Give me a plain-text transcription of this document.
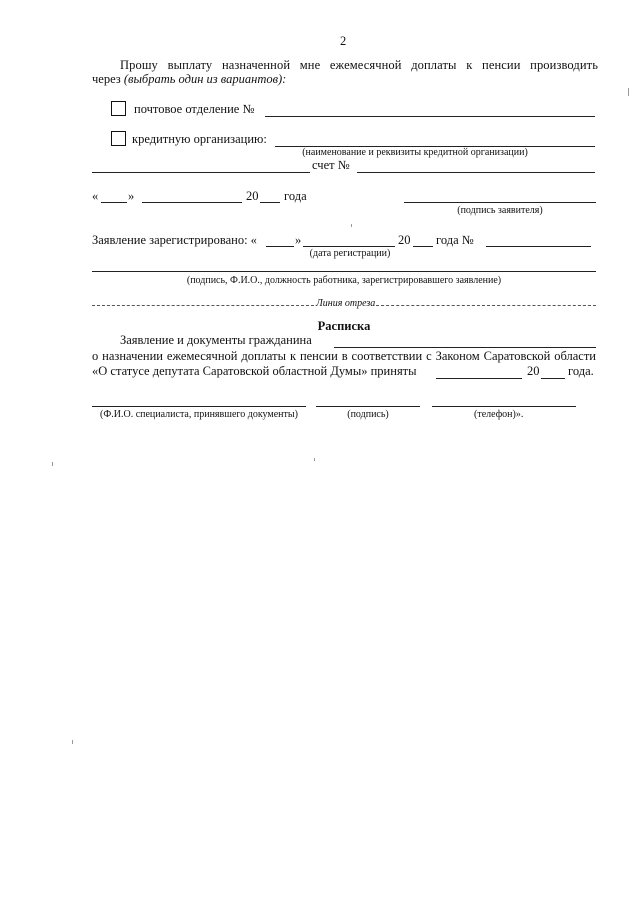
2
Прошу выплату назначенной мне ежемесячной доплаты к пенсии производить
через (выбрать один из вариантов):
почтовое отделение №
кредитную организацию:
(наименование и реквизиты кредитной организации)
счет №
« »	20 года
(подпись заявителя)
Заявление зарегистрировано: «	»
(дата регистрации)
20 года №
(подпись, Ф.И.О., должность работника, зарегистрировавшего заявление)
Линия отреза
Расписка
Заявление и документы гражданина
о назначении ежемесячной доплаты к пенсии в соответствии с Законом Саратовской области
«О статусе депутата Саратовской областной Думы» приняты	20 года.
(Ф.И.О. специалиста, принявшего документы)	(подпись)	(телефон)».
